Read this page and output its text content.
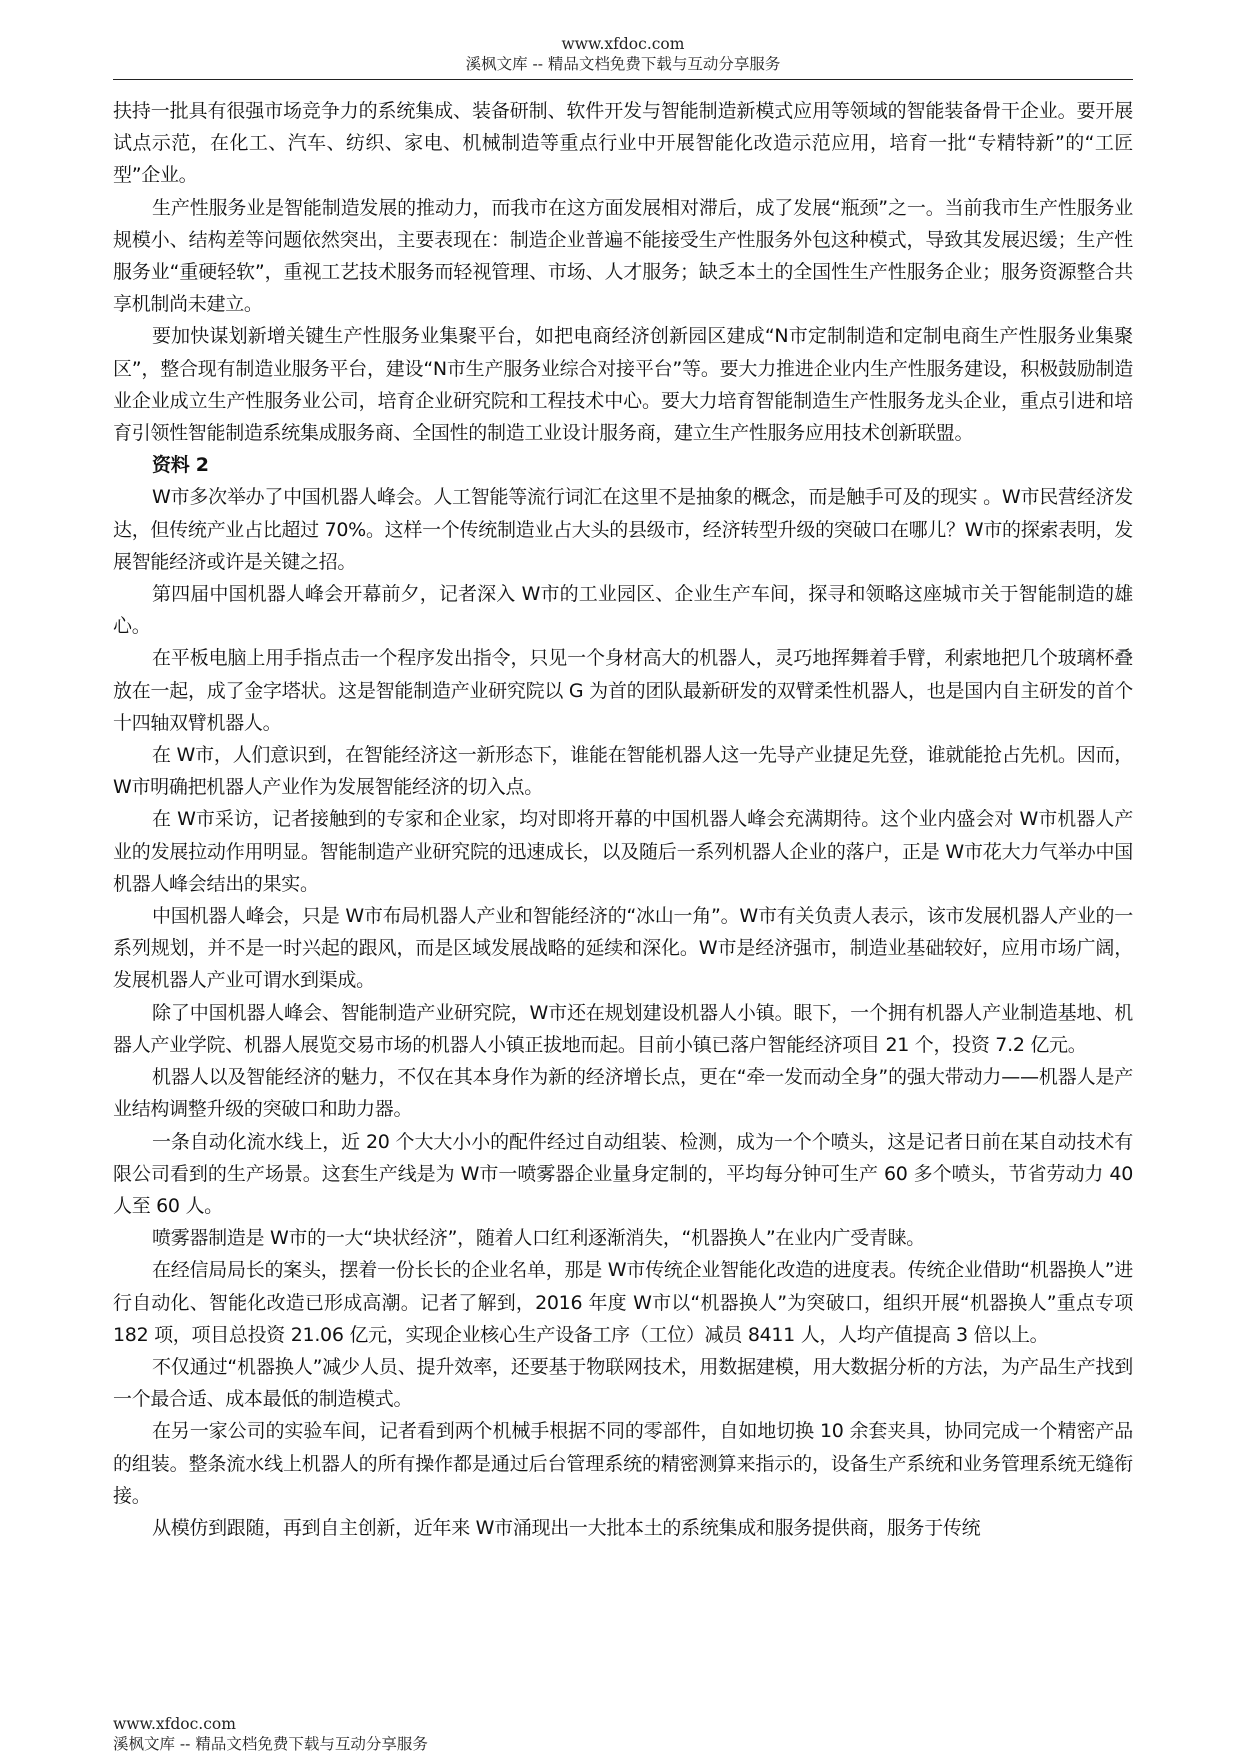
www.xfdoc.com
溪枫文库 -- 精品文档免费下载与互动分享服务

扶持一批具有很强市场竞争力的系统集成、装备研制、软件开发与智能制造新模式应用等领域的智能装备骨干企业。要开展试点示范，在化工、汽车、纺织、家电、机械制造等重点行业中开展智能化改造示范应用，培育一批“专精特新”的“工匠型”企业。

生产性服务业是智能制造发展的推动力，而我市在这方面发展相对滞后，成了发展“瓶颈”之一。当前我市生产性服务业规模小、结构差等问题依然突出，主要表现在：制造企业普遍不能接受生产性服务外包这种模式，导致其发展迟缓；生产性服务业“重硬轻软”，重视工艺技术服务而轻视管理、市场、人才服务；缺乏本土的全国性生产性服务企业；服务资源整合共享机制尚未建立。

要加快谋划新增关键生产性服务业集聚平台，如把电商经济创新园区建成“N市定制制造和定制电商生产性服务业集聚区”，整合现有制造业服务平台，建设“N市生产服务业综合对接平台”等。要大力推进企业内生产性服务建设，积极鼓励制造业企业成立生产性服务业公司，培育企业研究院和工程技术中心。要大力培育智能制造生产性服务龙头企业，重点引进和培育引领性智能制造系统集成服务商、全国性的制造工业设计服务商，建立生产性服务应用技术创新联盟。

资料 2

W市多次举办了中国机器人峰会。人工智能等流行词汇在这里不是抽象的概念，而是触手可及的现实 。W市民营经济发达，但传统产业占比超过 70%。这样一个传统制造业占大头的县级市，经济转型升级的突破口在哪儿？W市的探索表明，发展智能经济或许是关键之招。

第四届中国机器人峰会开幕前夕，记者深入 W市的工业园区、企业生产车间，探寻和领略这座城市关于智能制造的雄心。

在平板电脑上用手指点击一个程序发出指令，只见一个身材高大的机器人，灵巧地挥舞着手臂，利索地把几个玻璃杯叠放在一起，成了金字塔状。这是智能制造产业研究院以 G 为首的团队最新研发的双臂柔性机器人，也是国内自主研发的首个十四轴双臂机器人。

在 W市，人们意识到，在智能经济这一新形态下，谁能在智能机器人这一先导产业捷足先登，谁就能抢占先机。因而，W市明确把机器人产业作为发展智能经济的切入点。

在 W市采访，记者接触到的专家和企业家，均对即将开幕的中国机器人峰会充满期待。这个业内盛会对 W市机器人产业的发展拉动作用明显。智能制造产业研究院的迅速成长，以及随后一系列机器人企业的落户，正是 W市花大力气举办中国机器人峰会结出的果实。

中国机器人峰会，只是 W市布局机器人产业和智能经济的“冰山一角”。W市有关负责人表示，该市发展机器人产业的一系列规划，并不是一时兴起的跟风，而是区域发展战略的延续和深化。W市是经济强市，制造业基础较好，应用市场广阔，发展机器人产业可谓水到渠成。

除了中国机器人峰会、智能制造产业研究院，W市还在规划建设机器人小镇。眼下，一个拥有机器人产业制造基地、机器人产业学院、机器人展览交易市场的机器人小镇正拔地而起。目前小镇已落户智能经济项目 21 个，投资 7.2 亿元。

机器人以及智能经济的魅力，不仅在其本身作为新的经济增长点，更在“牵一发而动全身”的强大带动力——机器人是产业结构调整升级的突破口和助力器。

一条自动化流水线上，近 20 个大大小小的配件经过自动组装、检测，成为一个个喷头，这是记者日前在某自动技术有限公司看到的生产场景。这套生产线是为 W市一喷雾器企业量身定制的，平均每分钟可生产 60 多个喷头，节省劳动力 40 人至 60 人。

喷雾器制造是 W市的一大“块状经济”，随着人口红利逐渐消失，“机器换人”在业内广受青睐。

在经信局局长的案头，摆着一份长长的企业名单，那是 W市传统企业智能化改造的进度表。传统企业借助“机器换人”进行自动化、智能化改造已形成高潮。记者了解到，2016 年度 W市以“机器换人”为突破口，组织开展“机器换人”重点专项 182 项，项目总投资 21.06 亿元，实现企业核心生产设备工序（工位）减员 8411 人，人均产值提高 3 倍以上。

不仅通过“机器换人”减少人员、提升效率，还要基于物联网技术，用数据建模，用大数据分析的方法，为产品生产找到一个最合适、成本最低的制造模式。

在另一家公司的实验车间，记者看到两个机械手根据不同的零部件，自如地切换 10 余套夹具，协同完成一个精密产品的组装。整条流水线上机器人的所有操作都是通过后台管理系统的精密测算来指示的，设备生产系统和业务管理系统无缝衔接。

从模仿到跟随，再到自主创新，近年来 W市涌现出一大批本土的系统集成和服务提供商，服务于传统

www.xfdoc.com
溪枫文库 -- 精品文档免费下载与互动分享服务
